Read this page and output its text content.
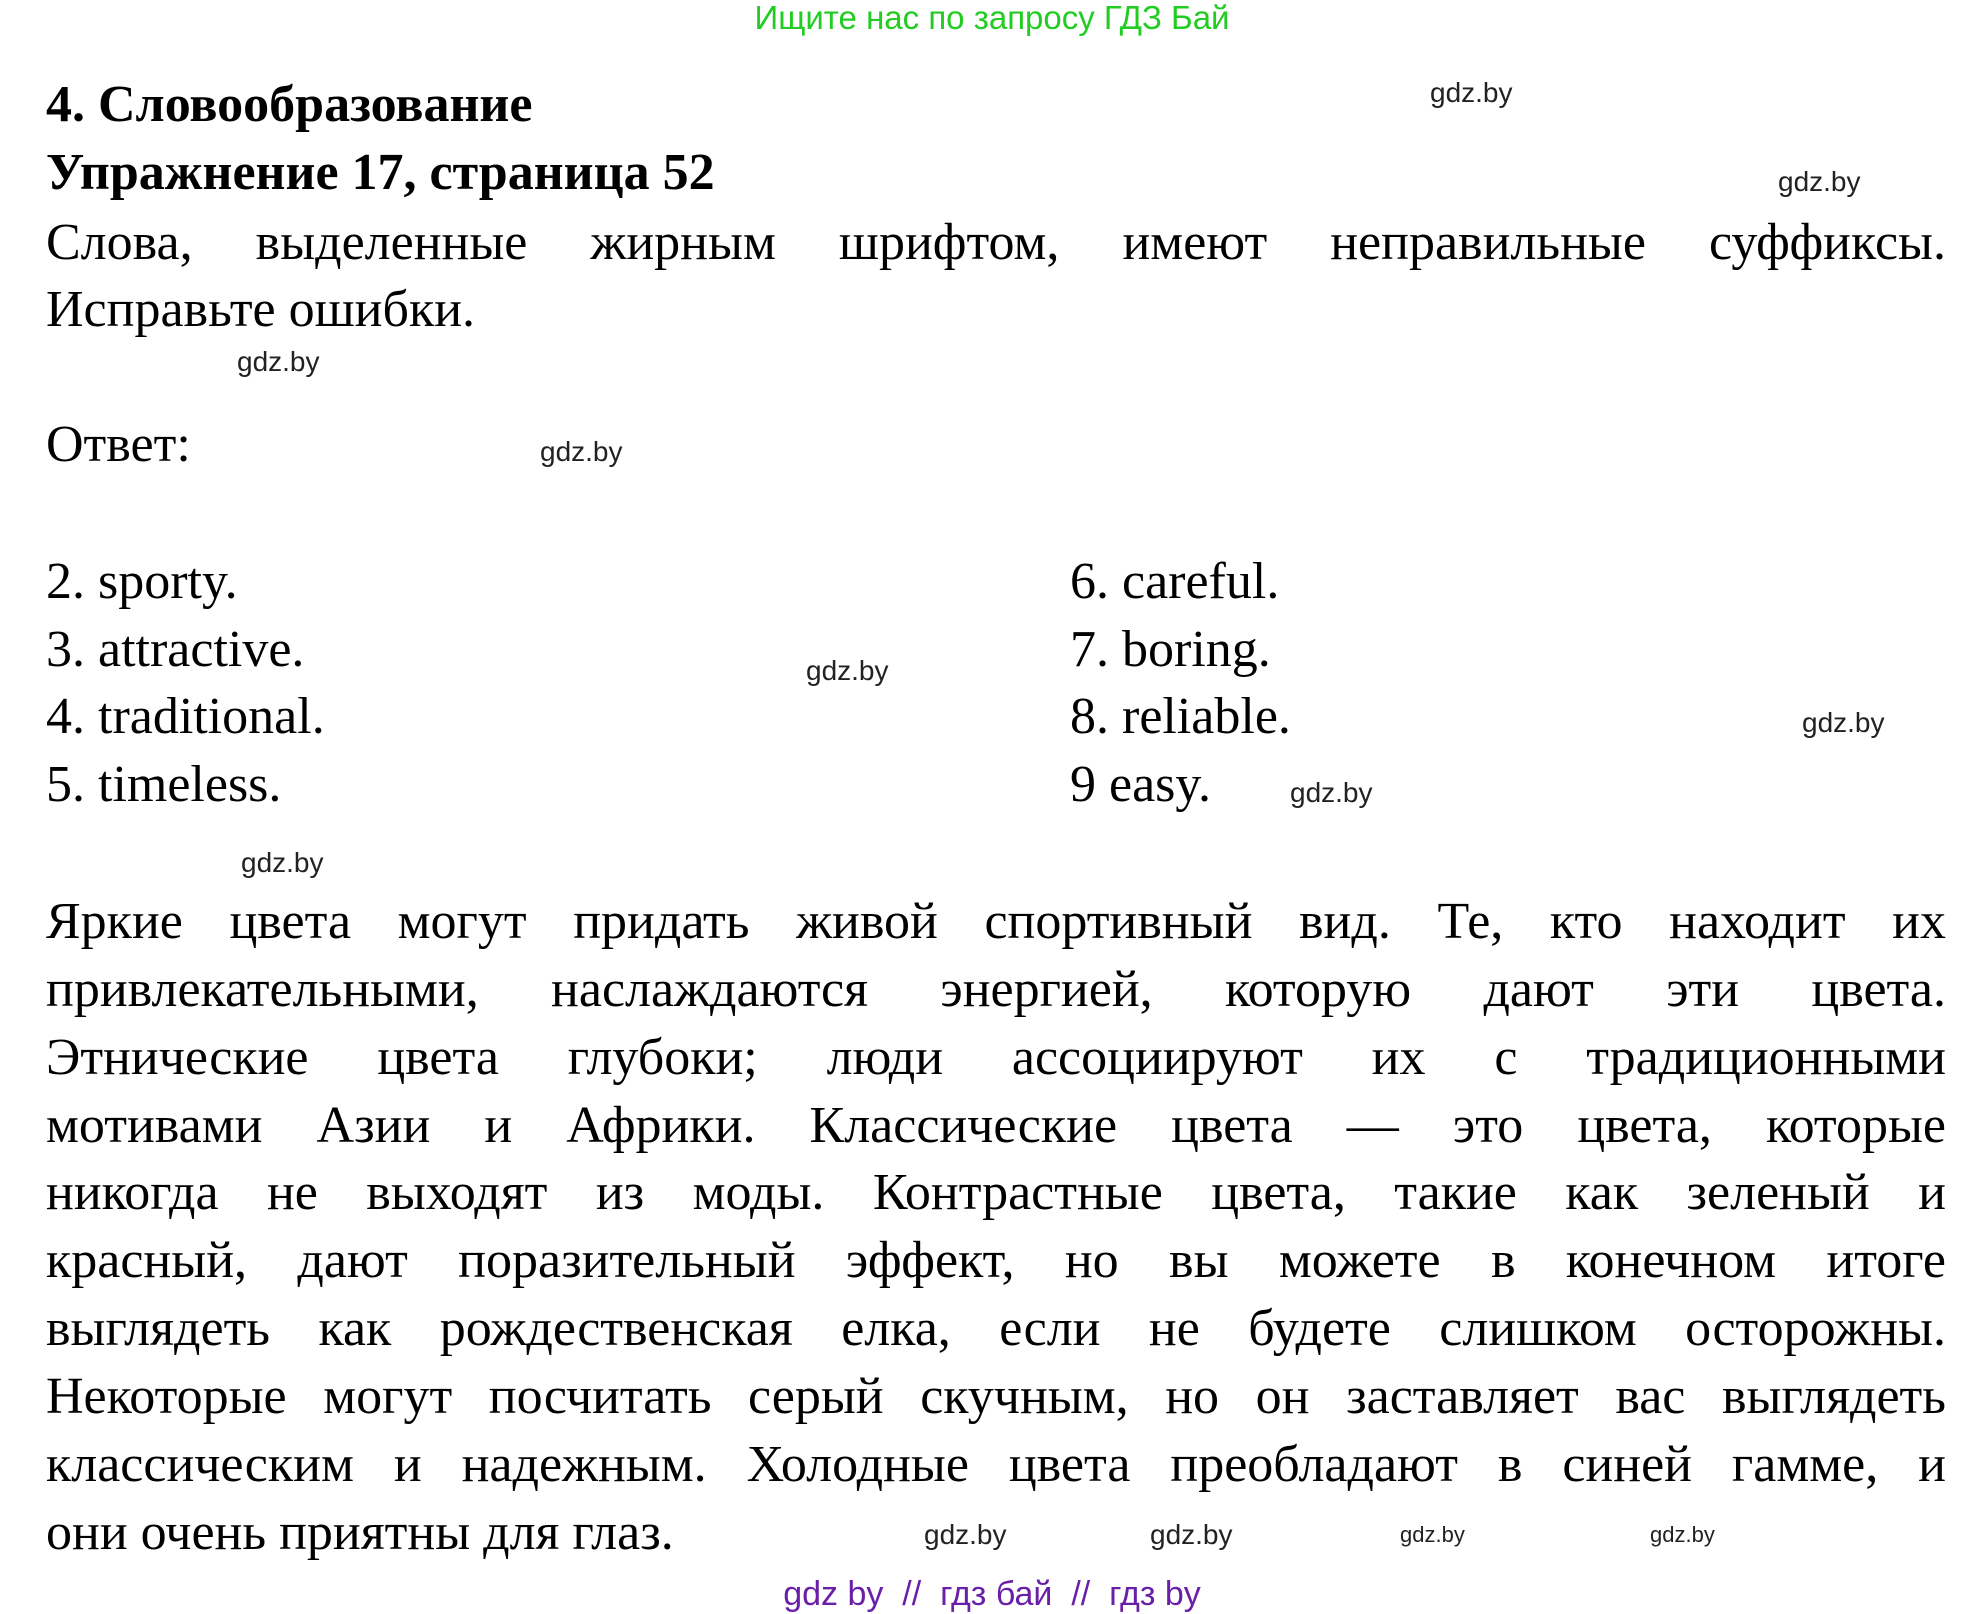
Ищите нас по запросу ГДЗ Бай
4. Словообразование
Упражнение 17, страница 52
Слова, выделенные жирным шрифтом, имеют неправильные суффиксы.
Исправьте ошибки.
Ответ:
2. sporty.
3. attractive.
4. traditional.
5. timeless.
6. careful.
7. boring.
8. reliable.
9 easy.
Яркие цвета могут придать живой спортивный вид. Те, кто находит их
привлекательными, наслаждаются энергией, которую дают эти цвета.
Этнические цвета глубоки; люди ассоциируют их с традиционными
мотивами Азии и Африки. Классические цвета — это цвета, которые
никогда не выходят из моды. Контрастные цвета, такие как зеленый и
красный, дают поразительный эффект, но вы можете в конечном итоге
выглядеть как рождественская елка, если не будете слишком осторожны.
Некоторые могут посчитать серый скучным, но он заставляет вас выглядеть
классическим и надежным. Холодные цвета преобладают в синей гамме, и
они очень приятны для глаз.
gdz.by
gdz.by
gdz.by
gdz.by
gdz.by
gdz.by
gdz.by
gdz.by
gdz.by	gdz.by	gdz.by
gdz.by
gdz by  //  гдз бай  //  гдз by
